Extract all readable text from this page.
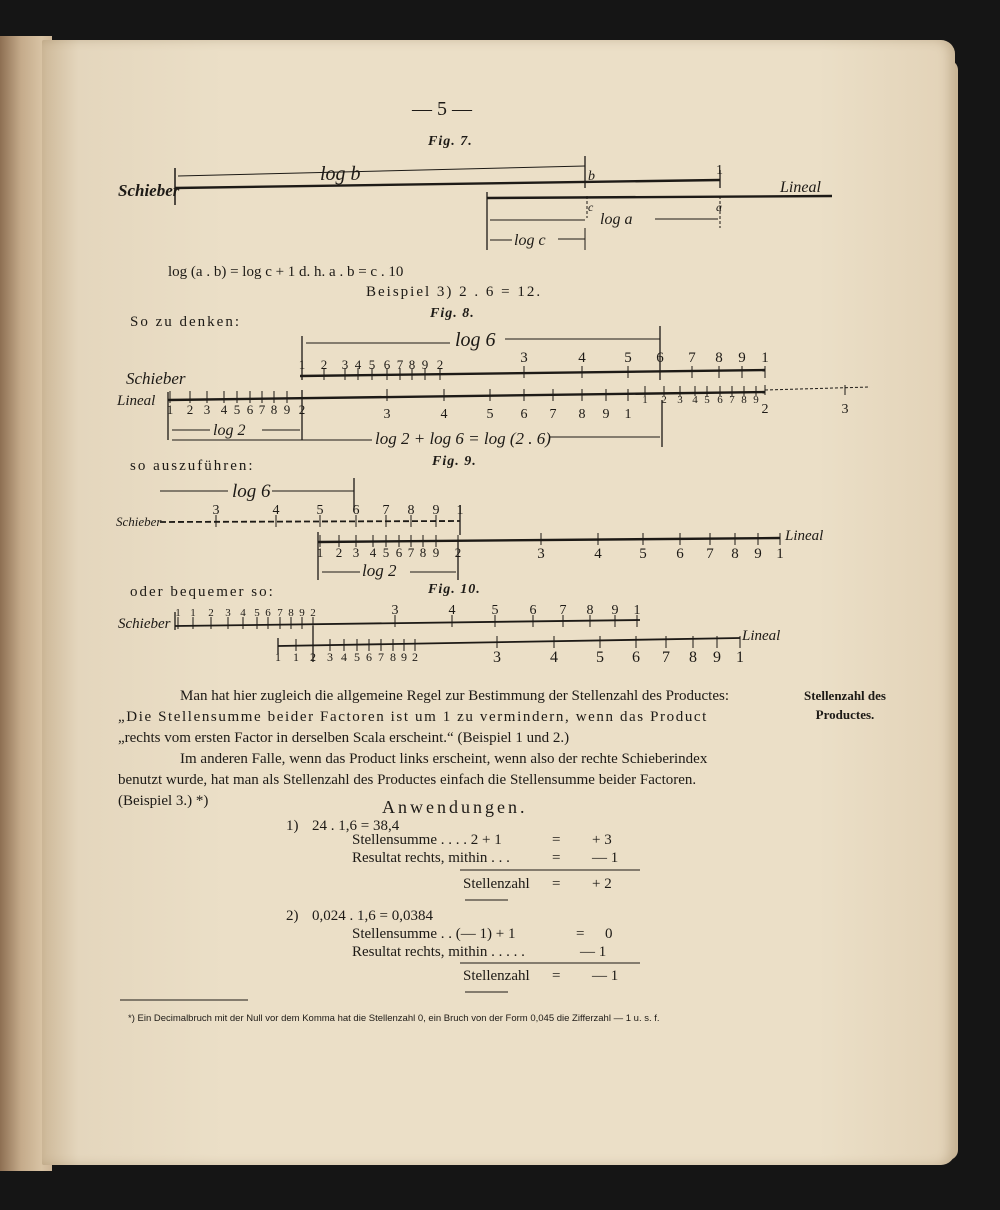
— 5 —
Fig. 7.
Schieber	Lineal
log b	b	1
c	a
log a
log c
log 6
Schieber
Lineal
log 2	log 2 + log 6 = log (2 . 6)
1 2 3 4 5 6 7 8 9 2	3	4	5 6 7 8 9 1
1 2 3 4 5 6 7 8 9 2	3	4	5 6 7 8 9 1
1 2 3 4 5 6 7 8 9
2	3
log 6
Schieber
Lineal
log 2
3	4	5 6 7 8 9 1
1 2 3 4 5 6 7 8 9 2	3	4	5 6 7 8 9 1
Schieber
Lineal
1 1 2 3 4 5 6 7 8 9 2	3	4	5 6 7 8 9 1
1 1 2 3 4 5 6 7 8 9 2	3	4 5 6 7 8 9 1
log (a . b) = log c + 1 d. h. a . b = c . 10
Beispiel 3) 2 . 6 = 12.
So zu denken:
Fig. 8.
so auszuführen:	Fig. 9.
oder bequemer so:	Fig. 10.
Man hat hier zugleich die allgemeine Regel zur Bestimmung der Stellenzahl des Productes:
„Die Stellensumme beider Factoren ist um 1 zu vermindern, wenn das Product
„rechts vom ersten Factor in derselben Scala erscheint.“ (Beispiel 1 und 2.)
Stellenzahl des
Productes.
Im anderen Falle, wenn das Product links erscheint, wenn also der rechte Schieberindex
benutzt wurde, hat man als Stellenzahl des Productes einfach die Stellensumme beider Factoren.
(Beispiel 3.) *)	Anwendungen.
1) 24 . 1,6 = 38,4
Stellensumme . . . . 2 + 1	= + 3
Resultat rechts, mithin . . .	= — 1
Stellenzahl = + 2
2) 0,024 . 1,6 = 0,0384
Stellensumme . . (— 1) + 1	= 0
Resultat rechts, mithin . . . . .	— 1
Stellenzahl = — 1
*) Ein Decimalbruch mit der Null vor dem Komma hat die Stellenzahl 0, ein Bruch von der Form 0,045 die Zifferzahl — 1 u. s. f.
